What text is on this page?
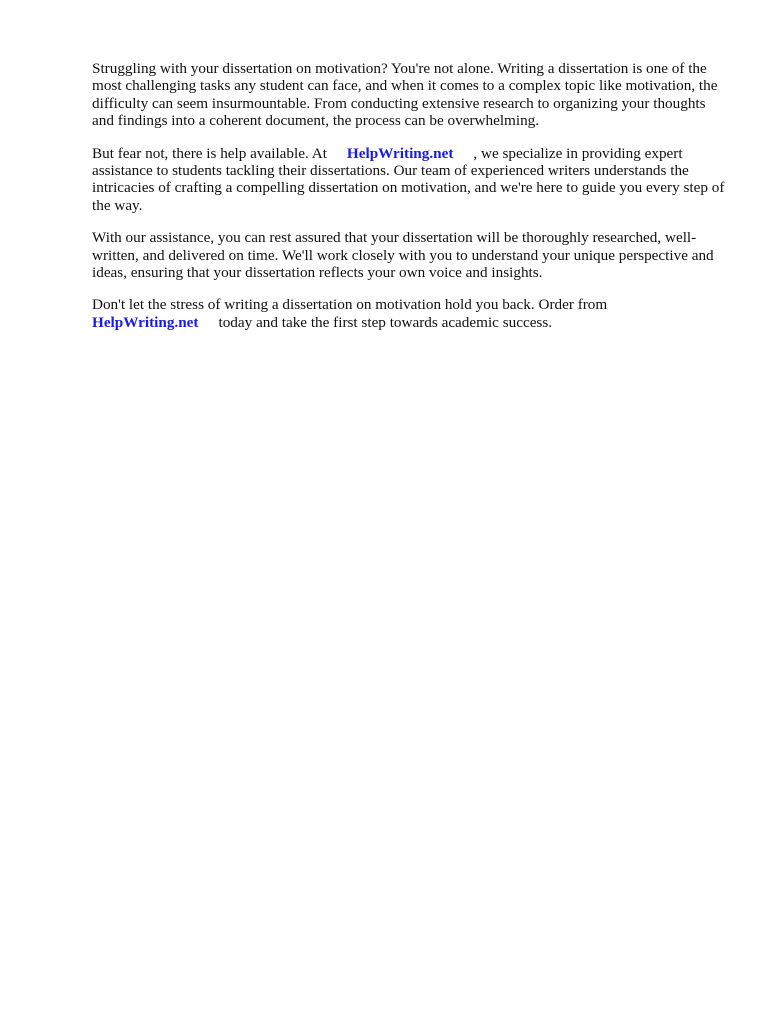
Struggling with your dissertation on motivation? You're not alone. Writing a dissertation is one of the most challenging tasks any student can face, and when it comes to a complex topic like motivation, the difficulty can seem insurmountable. From conducting extensive research to organizing your thoughts and findings into a coherent document, the process can be overwhelming.

But fear not, there is help available. At HelpWriting.net , we specialize in providing expert assistance to students tackling their dissertations. Our team of experienced writers understands the intricacies of crafting a compelling dissertation on motivation, and we're here to guide you every step of the way.

With our assistance, you can rest assured that your dissertation will be thoroughly researched, well-written, and delivered on time. We'll work closely with you to understand your unique perspective and ideas, ensuring that your dissertation reflects your own voice and insights.

Don't let the stress of writing a dissertation on motivation hold you back. Order from
HelpWriting.net today and take the first step towards academic success.
